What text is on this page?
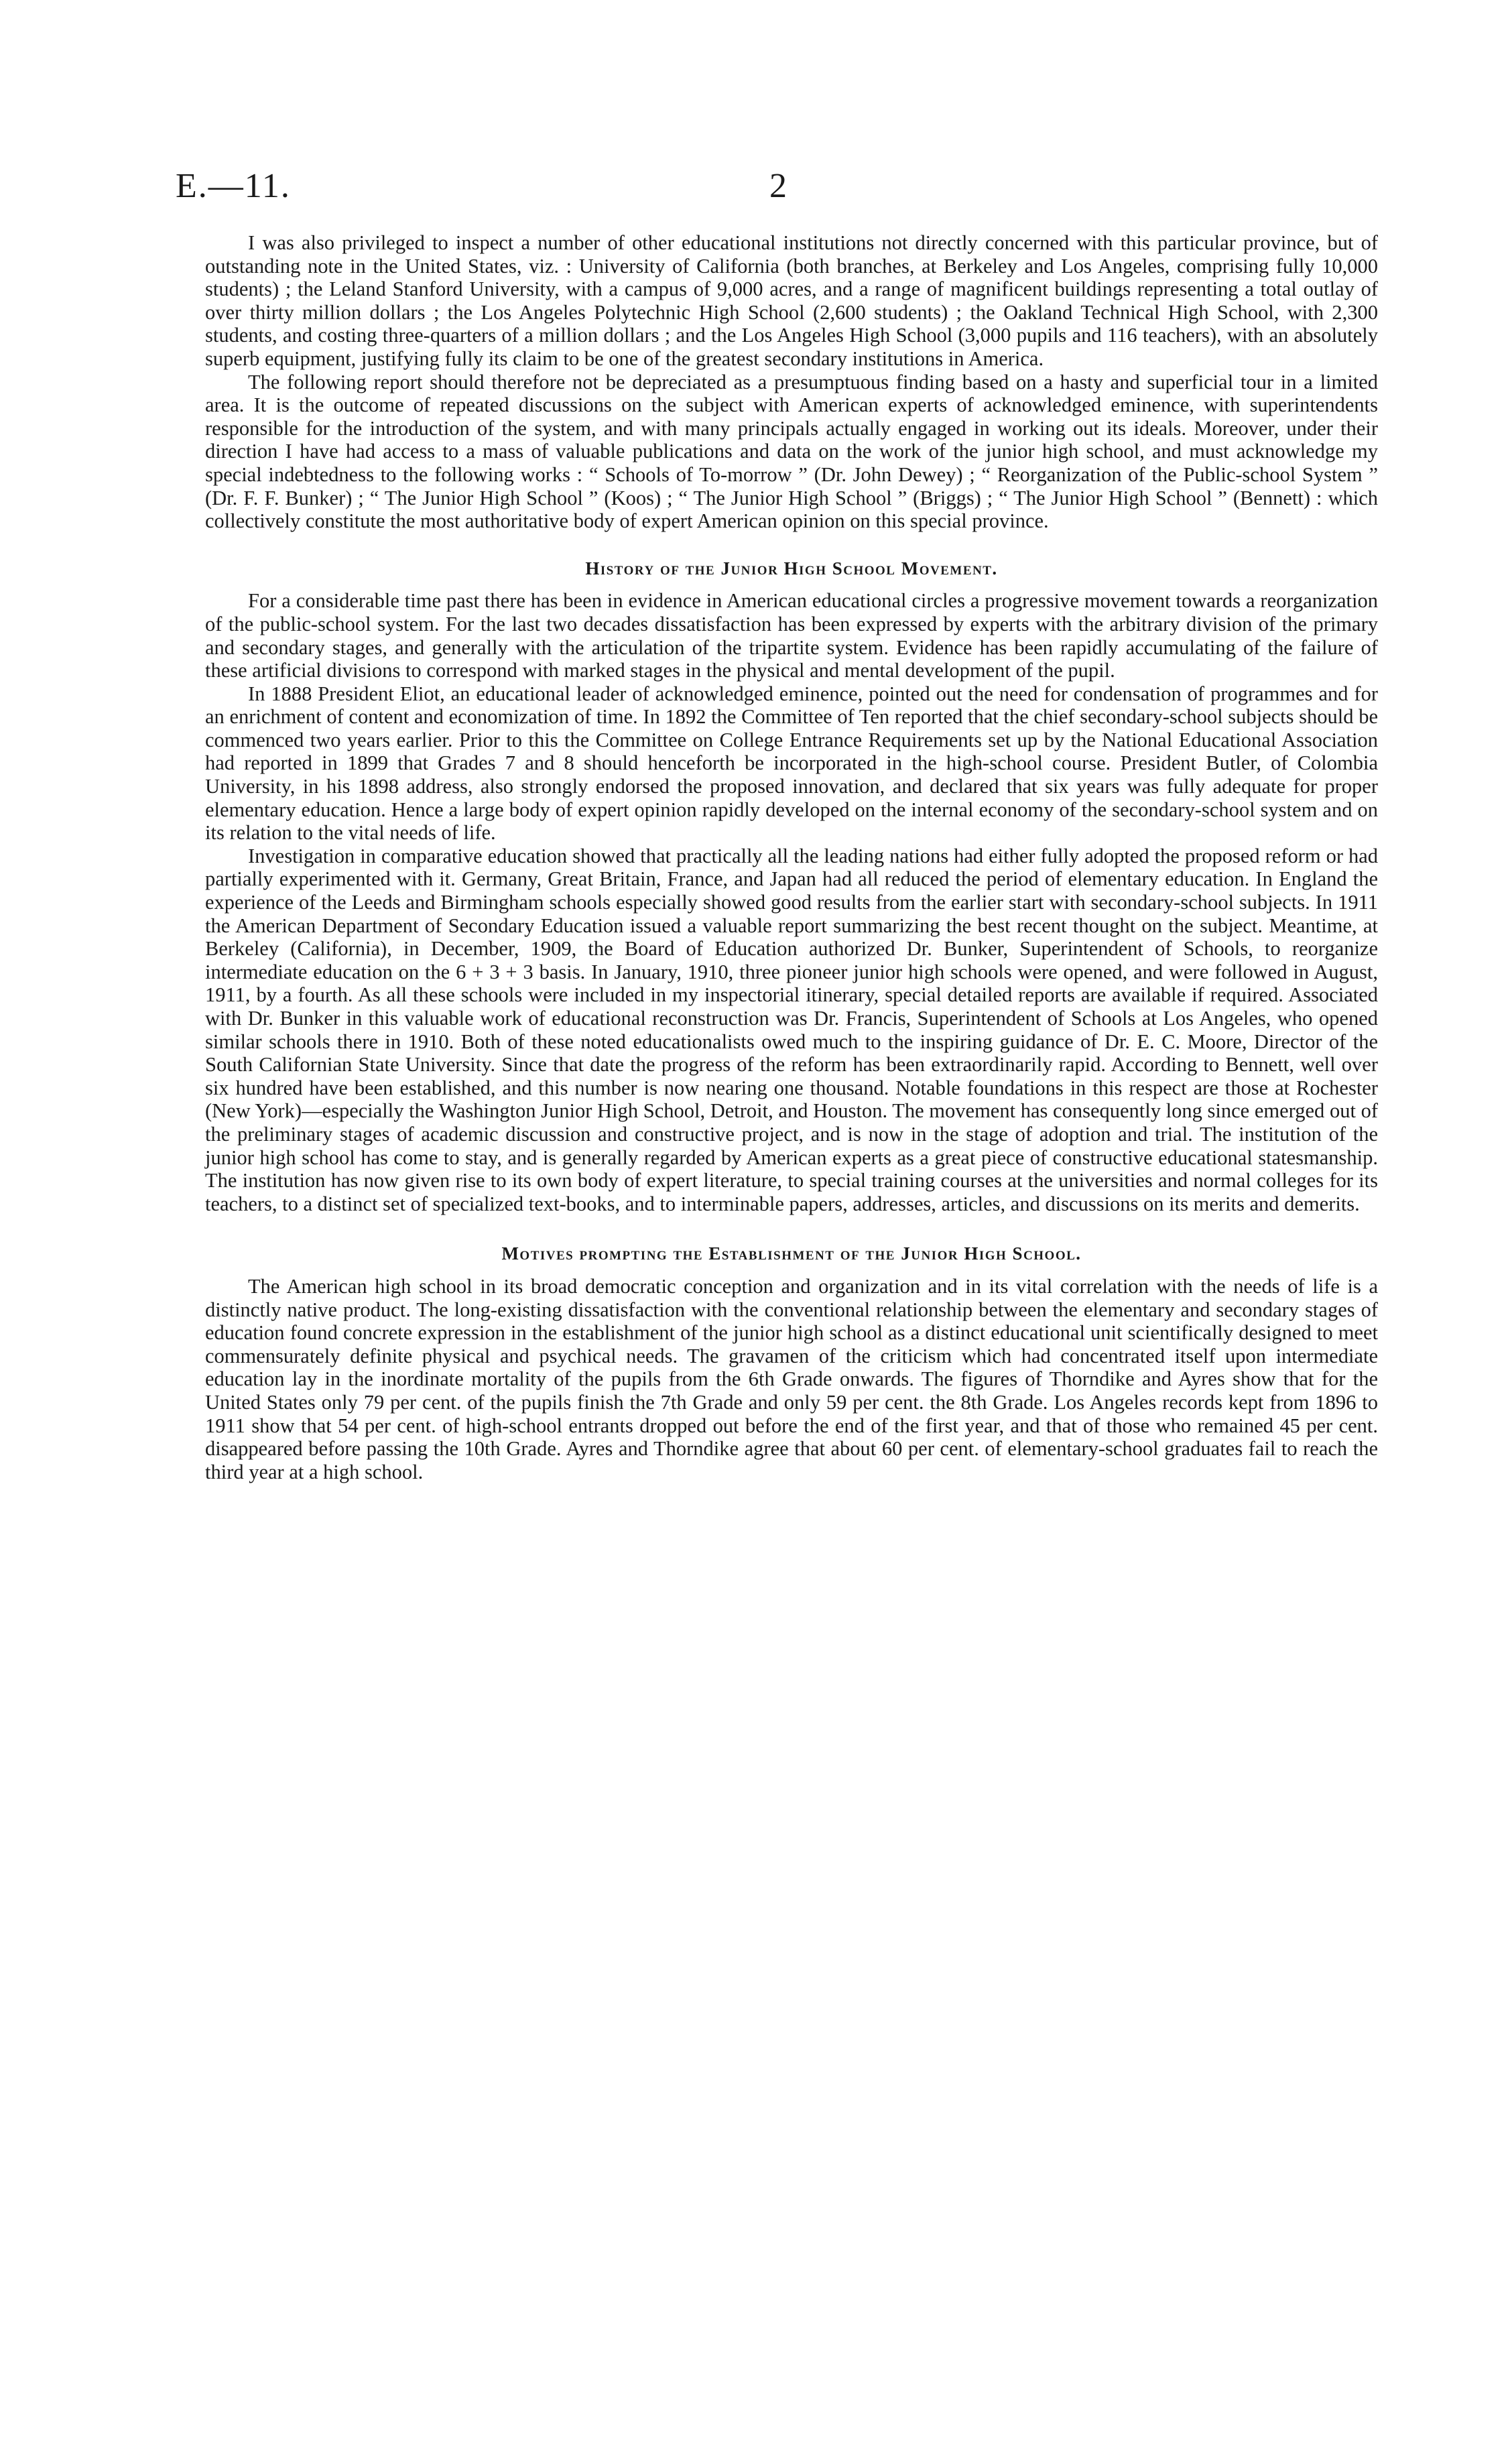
E.—11.	2

I was also privileged to inspect a number of other educational institutions not directly concerned with this particular province, but of outstanding note in the United States, viz. : University of California (both branches, at Berkeley and Los Angeles, comprising fully 10,000 students) ; the Leland Stanford University, with a campus of 9,000 acres, and a range of magnificent buildings representing a total outlay of over thirty million dollars ; the Los Angeles Polytechnic High School (2,600 students) ; the Oakland Technical High School, with 2,300 students, and costing three-quarters of a million dollars ; and the Los Angeles High School (3,000 pupils and 116 teachers), with an absolutely superb equipment, justifying fully its claim to be one of the greatest secondary institutions in America.

The following report should therefore not be depreciated as a presumptuous finding based on a hasty and superficial tour in a limited area. It is the outcome of repeated discussions on the subject with American experts of acknowledged eminence, with superintendents responsible for the introduction of the system, and with many principals actually engaged in working out its ideals. Moreover, under their direction I have had access to a mass of valuable publications and data on the work of the junior high school, and must acknowledge my special indebtedness to the following works : “ Schools of To-morrow ” (Dr. John Dewey) ; “ Reorganization of the Public-school System ” (Dr. F. F. Bunker) ; “ The Junior High School ” (Koos) ; “ The Junior High School ” (Briggs) ; “ The Junior High School ” (Bennett) : which collectively constitute the most authoritative body of expert American opinion on this special province.

History of the Junior High School Movement.

For a considerable time past there has been in evidence in American educational circles a progressive movement towards a reorganization of the public-school system. For the last two decades dissatisfaction has been expressed by experts with the arbitrary division of the primary and secondary stages, and generally with the articulation of the tripartite system. Evidence has been rapidly accumulating of the failure of these artificial divisions to correspond with marked stages in the physical and mental development of the pupil.

In 1888 President Eliot, an educational leader of acknowledged eminence, pointed out the need for condensation of programmes and for an enrichment of content and economization of time. In 1892 the Committee of Ten reported that the chief secondary-school subjects should be commenced two years earlier. Prior to this the Committee on College Entrance Requirements set up by the National Educational Association had reported in 1899 that Grades 7 and 8 should henceforth be incorporated in the high-school course. President Butler, of Colombia University, in his 1898 address, also strongly endorsed the proposed innovation, and declared that six years was fully adequate for proper elementary education. Hence a large body of expert opinion rapidly developed on the internal economy of the secondary-school system and on its relation to the vital needs of life.

Investigation in comparative education showed that practically all the leading nations had either fully adopted the proposed reform or had partially experimented with it. Germany, Great Britain, France, and Japan had all reduced the period of elementary education. In England the experience of the Leeds and Birmingham schools especially showed good results from the earlier start with secondary-school subjects. In 1911 the American Department of Secondary Education issued a valuable report summarizing the best recent thought on the subject. Meantime, at Berkeley (California), in December, 1909, the Board of Education authorized Dr. Bunker, Superintendent of Schools, to reorganize intermediate education on the 6 + 3 + 3 basis. In January, 1910, three pioneer junior high schools were opened, and were followed in August, 1911, by a fourth. As all these schools were included in my inspectorial itinerary, special detailed reports are available if required. Associated with Dr. Bunker in this valuable work of educational reconstruction was Dr. Francis, Superintendent of Schools at Los Angeles, who opened similar schools there in 1910. Both of these noted educationalists owed much to the inspiring guidance of Dr. E. C. Moore, Director of the South Californian State University. Since that date the progress of the reform has been extraordinarily rapid. According to Bennett, well over six hundred have been established, and this number is now nearing one thousand. Notable foundations in this respect are those at Rochester (New York)—especially the Washington Junior High School, Detroit, and Houston. The movement has consequently long since emerged out of the preliminary stages of academic discussion and constructive project, and is now in the stage of adoption and trial. The institution of the junior high school has come to stay, and is generally regarded by American experts as a great piece of constructive educational statesmanship. The institution has now given rise to its own body of expert literature, to special training courses at the universities and normal colleges for its teachers, to a distinct set of specialized text-books, and to interminable papers, addresses, articles, and discussions on its merits and demerits.

Motives prompting the Establishment of the Junior High School.

The American high school in its broad democratic conception and organization and in its vital correlation with the needs of life is a distinctly native product. The long-existing dissatisfaction with the conventional relationship between the elementary and secondary stages of education found concrete expression in the establishment of the junior high school as a distinct educational unit scientifically designed to meet commensurately definite physical and psychical needs. The gravamen of the criticism which had concentrated itself upon intermediate education lay in the inordinate mortality of the pupils from the 6th Grade onwards. The figures of Thorndike and Ayres show that for the United States only 79 per cent. of the pupils finish the 7th Grade and only 59 per cent. the 8th Grade. Los Angeles records kept from 1896 to 1911 show that 54 per cent. of high-school entrants dropped out before the end of the first year, and that of those who remained 45 per cent. disappeared before passing the 10th Grade. Ayres and Thorndike agree that about 60 per cent. of elementary-school graduates fail to reach the third year at a high school.
